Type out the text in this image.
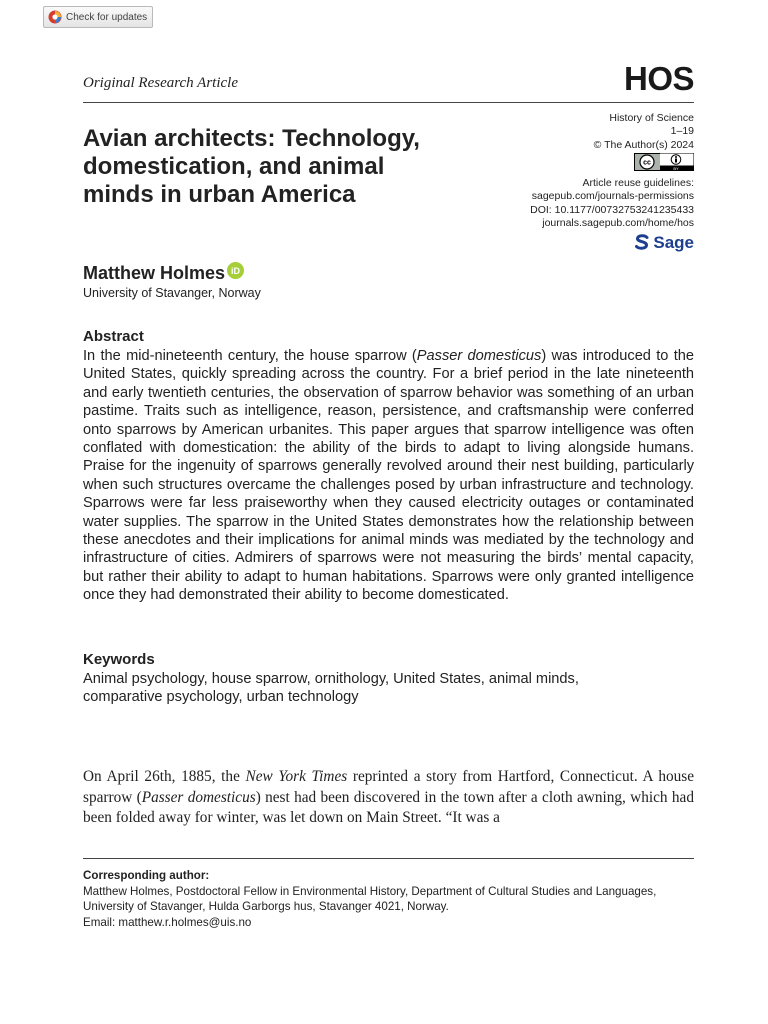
Check for updates
Original Research Article	HOS
Avian architects: Technology,
domestication, and animal
minds in urban America
History of Science
1–19
© The Author(s) 2024
cc
BY
Article reuse guidelines:
sagepub.com/journals-permissions
DOI: 10.1177/00732753241235433
journals.sagepub.com/home/hos
Sage
Matthew Holmes iD
University of Stavanger, Norway
Abstract

In the mid-nineteenth century, the house sparrow (Passer domesticus) was introduced to the United States, quickly spreading across the country. For a brief period in the late nineteenth and early twentieth centuries, the observation of sparrow behavior was something of an urban pastime. Traits such as intelligence, reason, persistence, and craftsmanship were conferred onto sparrows by American urbanites. This paper argues that sparrow intelligence was often conflated with domestication: the ability of the birds to adapt to living alongside humans. Praise for the ingenuity of sparrows generally revolved around their nest building, particularly when such structures overcame the challenges posed by urban infrastructure and technology. Sparrows were far less praiseworthy when they caused electricity outages or contaminated water supplies. The sparrow in the United States demonstrates how the relationship between these anecdotes and their implications for animal minds was mediated by the technology and infrastructure of cities. Admirers of sparrows were not measuring the birds’ mental capacity, but rather their ability to adapt to human habitations. Sparrows were only granted intelligence once they had demonstrated their ability to become domesticated.

Keywords

Animal psychology, house sparrow, ornithology, United States, animal minds, comparative psychology, urban technology

On April 26th, 1885, the New York Times reprinted a story from Hartford, Connecticut. A house sparrow (Passer domesticus) nest had been discovered in the town after a cloth awning, which had been folded away for winter, was let down on Main Street. “It was a

Corresponding author:
Matthew Holmes, Postdoctoral Fellow in Environmental History, Department of Cultural Studies and Languages, University of Stavanger, Hulda Garborgs hus, Stavanger 4021, Norway.
Email: matthew.r.holmes@uis.no
